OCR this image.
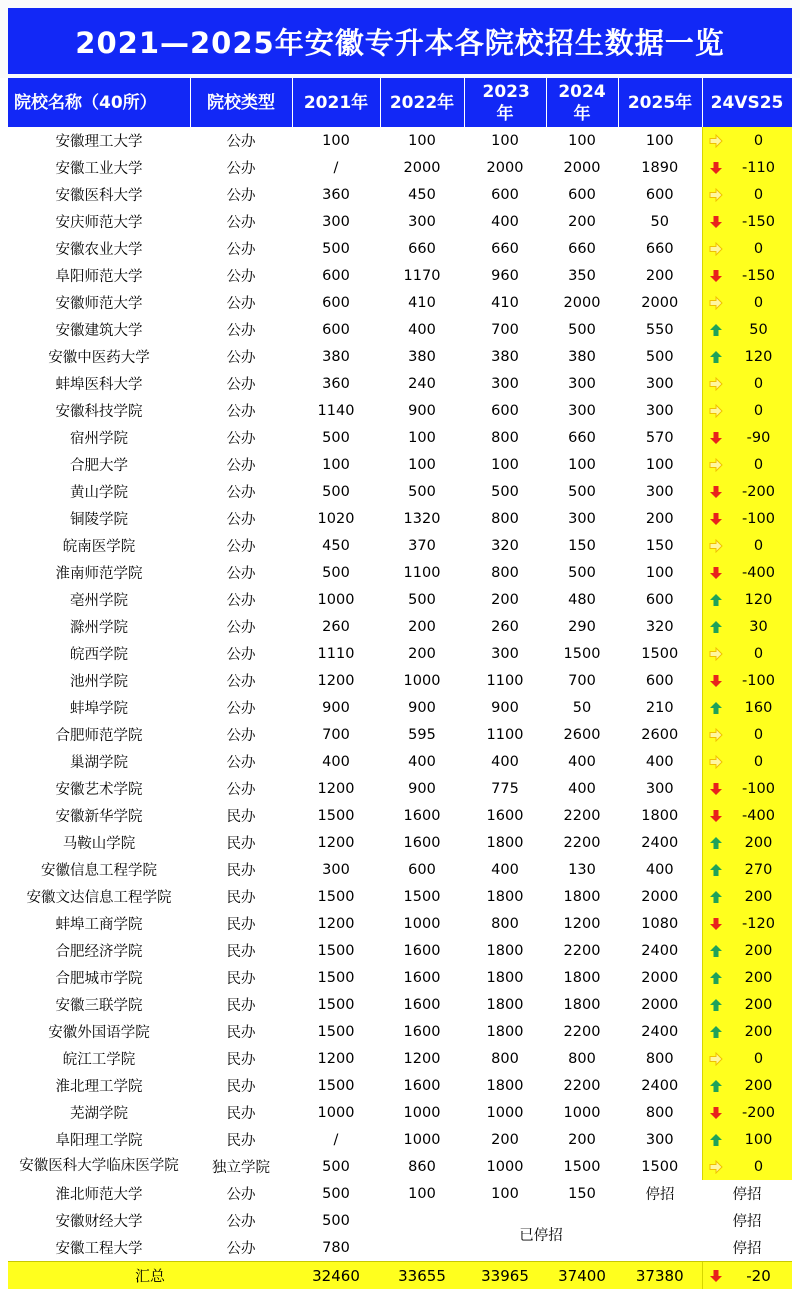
2021—2025年安徽专升本各院校招生数据一览
院校名称（40所）	院校类型	2021年	2022年	2023年	2024年	2025年	24VS25
安徽理工大学	公办	100	100	100	100	100	0
安徽工业大学	公办	/	2000	2000	2000	1890	-110
安徽医科大学	公办	360	450	600	600	600	0
安庆师范大学	公办	300	300	400	200	50	-150
安徽农业大学	公办	500	660	660	660	660	0
阜阳师范大学	公办	600	1170	960	350	200	-150
安徽师范大学	公办	600	410	410	2000	2000	0
安徽建筑大学	公办	600	400	700	500	550	50
安徽中医药大学	公办	380	380	380	380	500	120
蚌埠医科大学	公办	360	240	300	300	300	0
安徽科技学院	公办	1140	900	600	300	300	0
宿州学院	公办	500	100	800	660	570	-90
合肥大学	公办	100	100	100	100	100	0
黄山学院	公办	500	500	500	500	300	-200
铜陵学院	公办	1020	1320	800	300	200	-100
皖南医学院	公办	450	370	320	150	150	0
淮南师范学院	公办	500	1100	800	500	100	-400
亳州学院	公办	1000	500	200	480	600	120
滁州学院	公办	260	200	260	290	320	30
皖西学院	公办	1110	200	300	1500	1500	0
池州学院	公办	1200	1000	1100	700	600	-100
蚌埠学院	公办	900	900	900	50	210	160
合肥师范学院	公办	700	595	1100	2600	2600	0
巢湖学院	公办	400	400	400	400	400	0
安徽艺术学院	公办	1200	900	775	400	300	-100
安徽新华学院	民办	1500	1600	1600	2200	1800	-400
马鞍山学院	民办	1200	1600	1800	2200	2400	200
安徽信息工程学院	民办	300	600	400	130	400	270
安徽文达信息工程学院	民办	1500	1500	1800	1800	2000	200
蚌埠工商学院	民办	1200	1000	800	1200	1080	-120
合肥经济学院	民办	1500	1600	1800	2200	2400	200
合肥城市学院	民办	1500	1600	1800	1800	2000	200
安徽三联学院	民办	1500	1600	1800	1800	2000	200
安徽外国语学院	民办	1500	1600	1800	2200	2400	200
皖江工学院	民办	1200	1200	800	800	800	0
淮北理工学院	民办	1500	1600	1800	2200	2400	200
芜湖学院	民办	1000	1000	1000	1000	800	-200
阜阳理工学院	民办	/	1000	200	200	300	100
安徽医科大学临床医学院	独立学院	500	860	1000	1500	1500	0
淮北师范大学	公办	500	100	100	150	停招	停招
安徽财经大学	公办	500	已停招				停招
安徽工程大学	公办	780					停招
汇总		32460	33655	33965	37400	37380	-20
